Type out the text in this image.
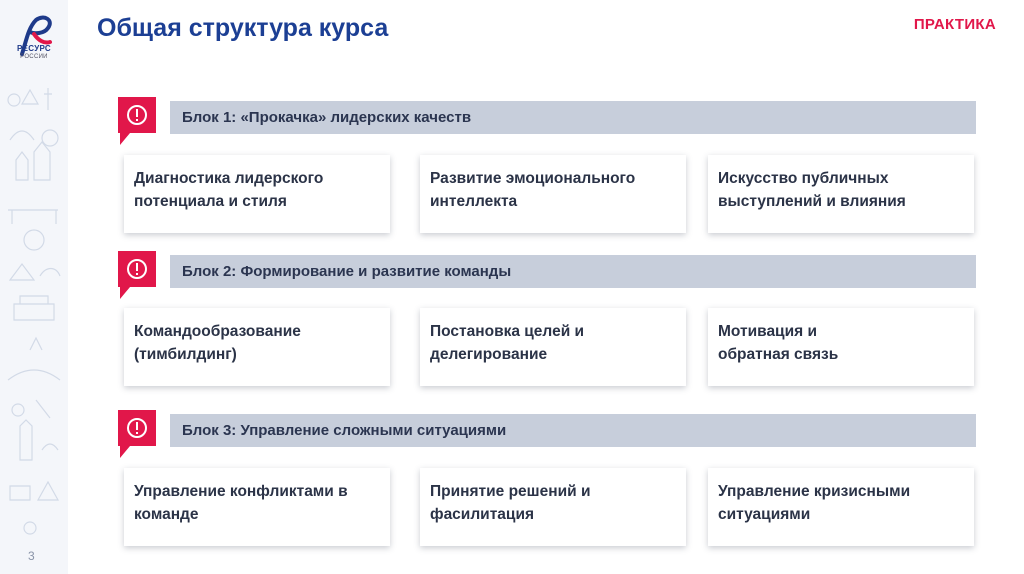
РЕСУРС
РОССИИ
3
Общая структура курса	ПРАКТИКА
Блок 1: «Прокачка» лидерских качеств
Диагностика лидерского
потенциала и стиля
Развитие эмоционального
интеллекта
Искусство публичных
выступлений и влияния
Блок 2: Формирование и развитие команды
Командообразование
(тимбилдинг)
Постановка целей и
делегирование
Мотивация и
обратная связь
Блок 3: Управление сложными ситуациями
Управление конфликтами в
команде
Принятие решений и
фасилитация
Управление кризисными
ситуациями
